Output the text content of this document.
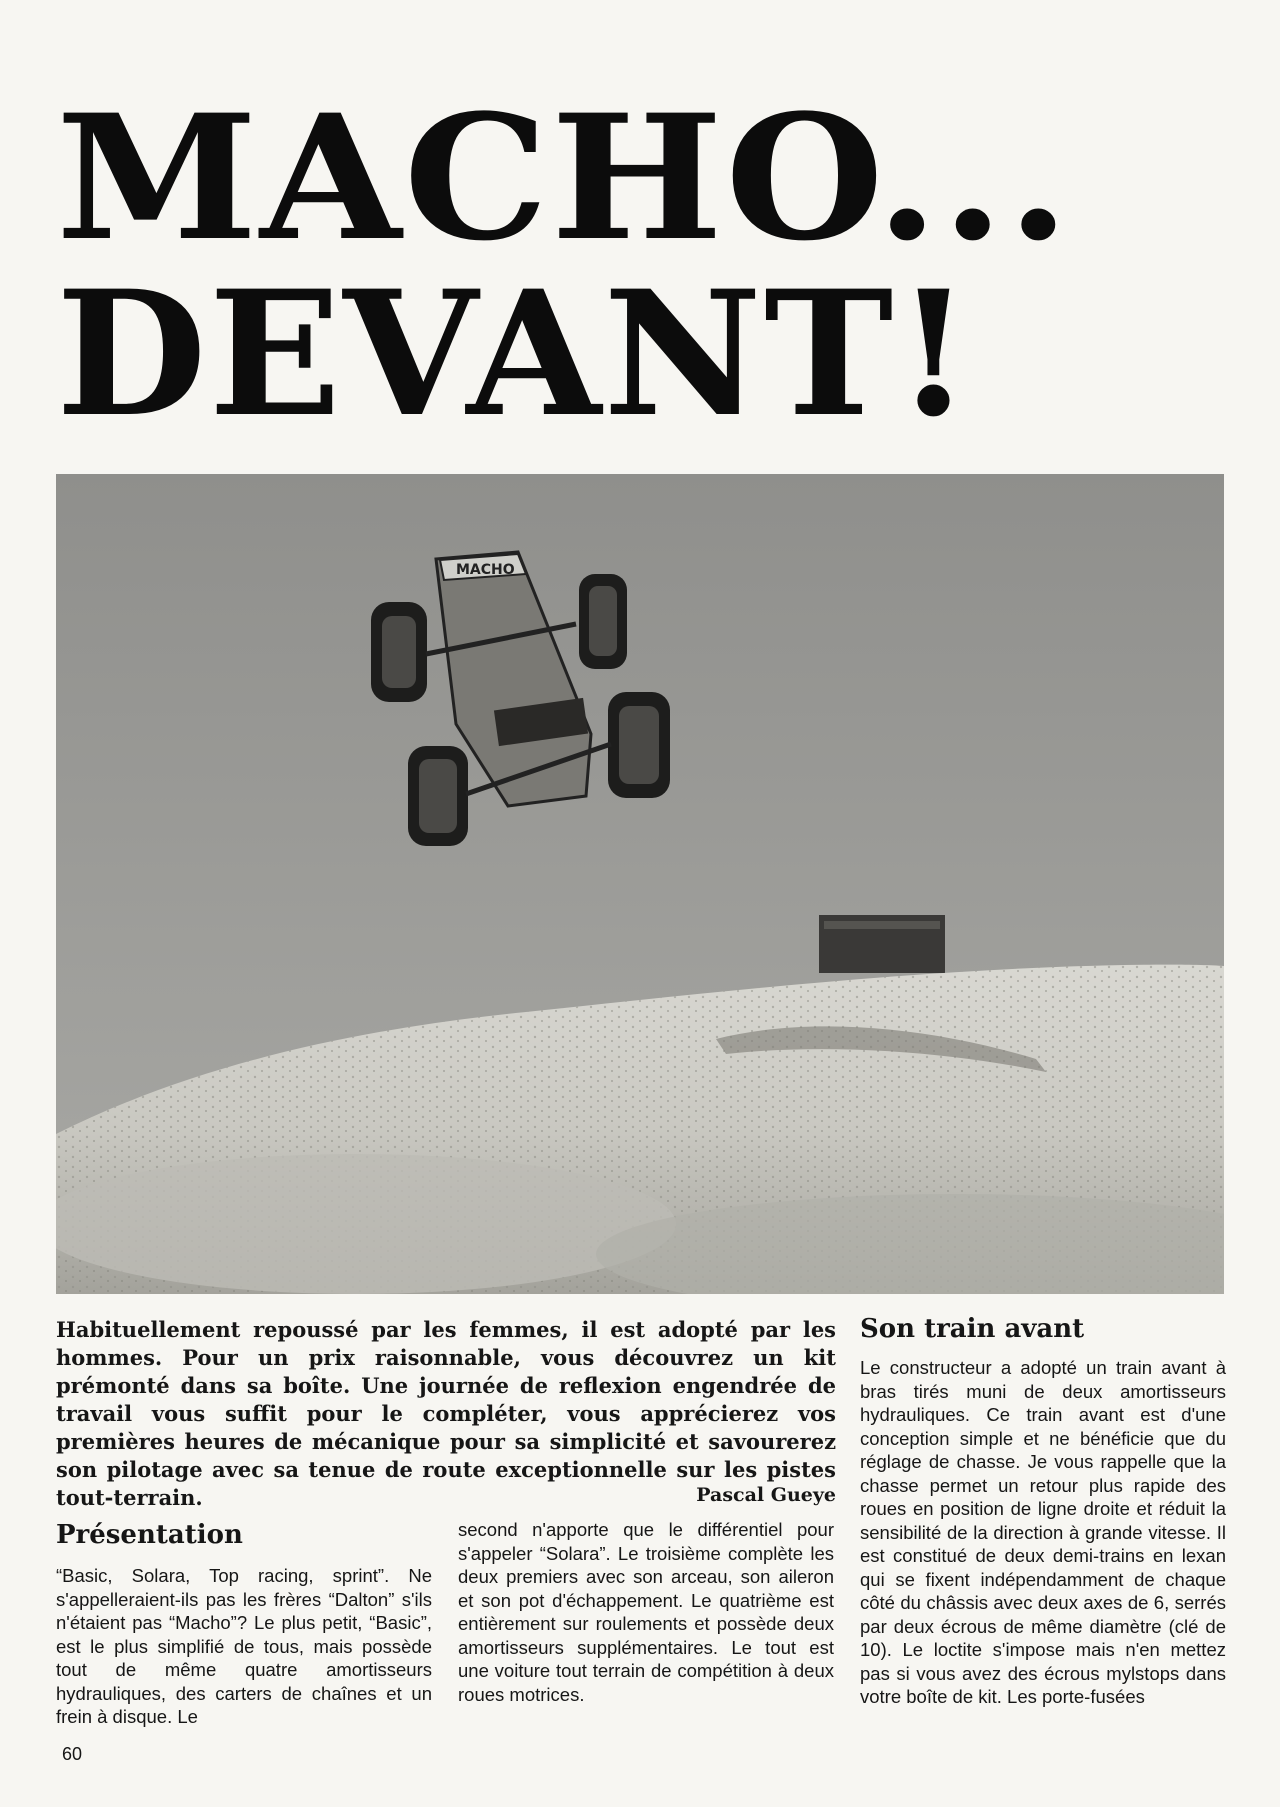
MACHO...
DEVANT!
MACHO

Habituellement repoussé par les femmes, il est adopté par les hommes. Pour un prix raisonnable, vous découvrez un kit prémonté dans sa boîte. Une journée de reflexion engendrée de travail vous suffit pour le compléter, vous apprécierez vos premières heures de mécanique pour sa simplicité et savourerez son pilotage avec sa tenue de route exceptionnelle sur les pistes tout-terrain.	Pascal Gueye
Présentation

“Basic, Solara, Top racing, sprint”. Ne s'appelleraient-ils pas les frères “Dalton” s'ils n'étaient pas “Macho”? Le plus petit, “Basic”, est le plus simplifié de tous, mais possède tout de même quatre amortisseurs hydrauliques, des carters de chaînes et un frein à disque. Le

second n'apporte que le différentiel pour s'appeler “Solara”. Le troisième complète les deux premiers avec son arceau, son aileron et son pot d'échappement. Le quatrième est entièrement sur roulements et possède deux amortisseurs supplémentaires. Le tout est une voiture tout terrain de compétition à deux roues motrices.

Son train avant

Le constructeur a adopté un train avant à bras tirés muni de deux amortisseurs hydrauliques. Ce train avant est d'une conception simple et ne bénéficie que du réglage de chasse. Je vous rappelle que la chasse permet un retour plus rapide des roues en position de ligne droite et réduit la sensibilité de la direction à grande vitesse. Il est constitué de deux demi-trains en lexan qui se fixent indépendamment de chaque côté du châssis avec deux axes de 6, serrés par deux écrous de même diamètre (clé de 10). Le loctite s'impose mais n'en mettez pas si vous avez des écrous mylstops dans votre boîte de kit. Les porte-fusées

60
